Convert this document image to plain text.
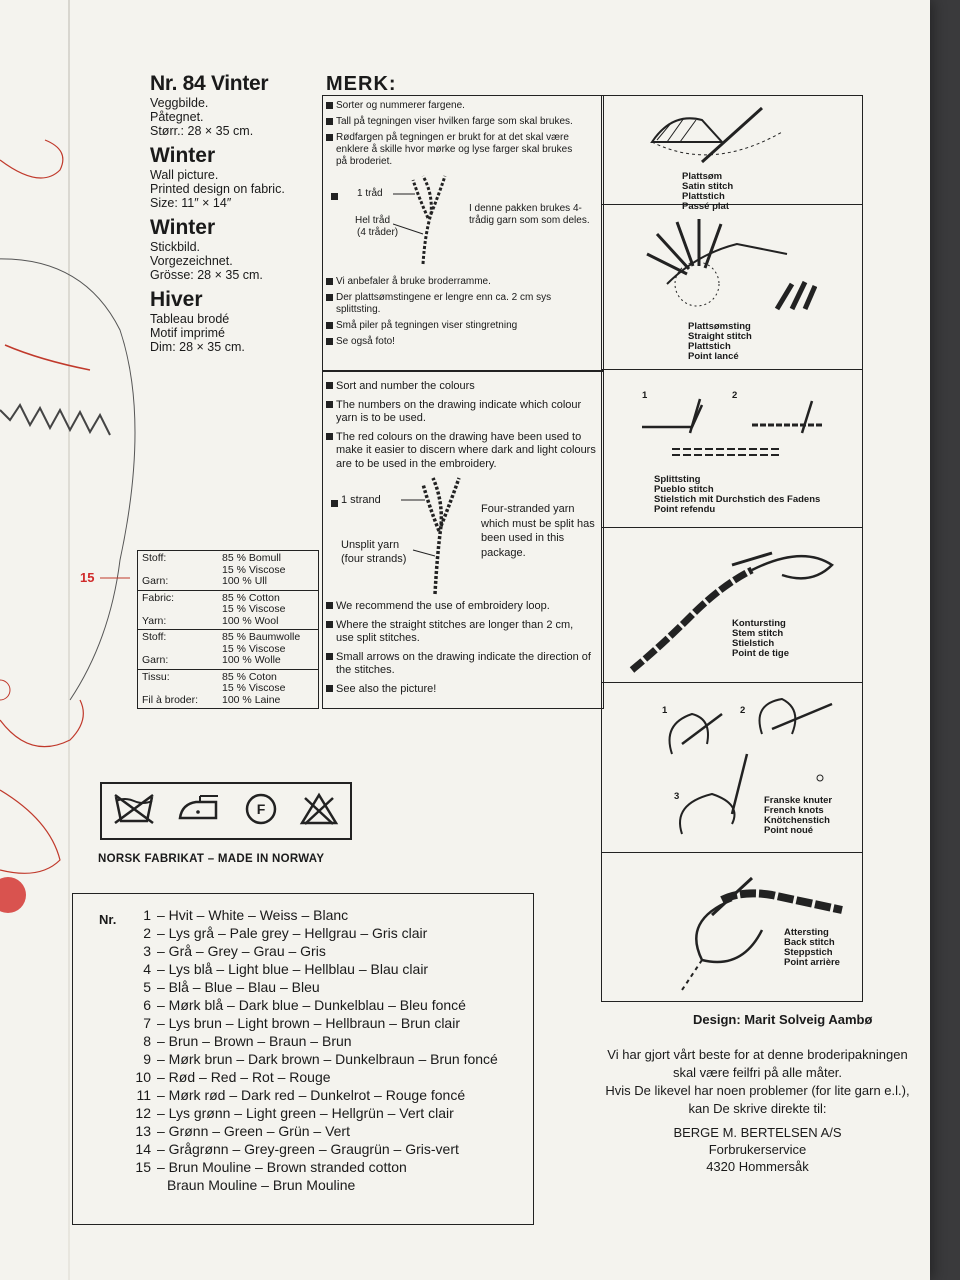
15
Nr. 84 Vinter
Veggbilde.
Påtegnet.
Størr.: 28 × 35 cm.
Winter
Wall picture.
Printed design on fabric.
Size: 11″ × 14″
Winter
Stickbild.
Vorgezeichnet.
Grösse: 28 × 35 cm.
Hiver
Tableau brodé
Motif imprimé
Dim: 28 × 35 cm.
Stoff:	85 % Bomull
15 % Viscose
Garn:	100 % Ull
Fabric:	85 % Cotton
15 % Viscose
Yarn:	100 % Wool
Stoff:	85 % Baumwolle
15 % Viscose
Garn:	100 % Wolle
Tissu:	85 % Coton
15 % Viscose
Fil à broder: 100 % Laine
F
NORSK FABRIKAT – MADE IN NORWAY
MERK:
Sorter og nummerer fargene.
Tall på tegningen viser hvilken farge som skal brukes.
Rødfargen på tegningen er brukt for at det skal være enklere å skille hvor mørke og lyse farger skal brukes på broderiet.
1 tråd
Hel tråd
(4 tråder)
I denne pakken brukes 4-trådig garn som som deles.
Vi anbefaler å bruke broderramme.
Der plattsømstingene er lengre enn ca. 2 cm sys splittsting.
Små piler på tegningen viser stingretning
Se også foto!
Sort and number the colours
The numbers on the drawing indicate which colour yarn is to be used.
The red colours on the drawing have been used to make it easier to discern where dark and light colours are to be used in the embroidery.
1 strand
Unsplit yarn
(four strands)
Four-stranded yarn which must be split has been used in this package.
We recommend the use of embroidery loop.
Where the straight stitches are longer than 2 cm, use split stitches.
Small arrows on the drawing indicate the direction of the stitches.
See also the picture!
Plattsøm
Satin stitch
Plattstich
Passé plat
Plattsømsting
Straight stitch
Plattstich
Point lancé
1	2
Splittsting
Pueblo stitch
Stielstich mit Durchstich des Fadens
Point refendu
Kontursting
Stem stitch
Stielstich
Point de tige
1	2
3	Franske knuter
French knots
Knötchenstich
Point noué
Attersting
Back stitch
Steppstich
Point arrière
Nr.	1 – Hvit – White – Weiss – Blanc
2 – Lys grå – Pale grey – Hellgrau – Gris clair
3 – Grå – Grey – Grau – Gris
4 – Lys blå – Light blue – Hellblau – Blau clair
5 – Blå – Blue – Blau – Bleu
6 – Mørk blå – Dark blue – Dunkelblau – Bleu foncé
7 – Lys brun – Light brown – Hellbraun – Brun clair
8 – Brun – Brown – Braun – Brun
9 – Mørk brun – Dark brown – Dunkelbraun – Brun foncé
10 – Rød – Red – Rot – Rouge
11 – Mørk rød – Dark red – Dunkelrot – Rouge foncé
12 – Lys grønn – Light green – Hellgrün – Vert clair
13 – Grønn – Green – Grün – Vert
14 – Grågrønn – Grey-green – Graugrün – Gris-vert
15 – Brun Mouline – Brown stranded cotton
Braun Mouline – Brun Mouline
Design: Marit Solveig Aambø
Vi har gjort vårt beste for at denne broderipakningen
skal være feilfri på alle måter.
Hvis De likevel har noen problemer (for lite garn e.l.),
kan De skrive direkte til:
BERGE M. BERTELSEN A/S
Forbrukerservice
4320 Hommersåk
